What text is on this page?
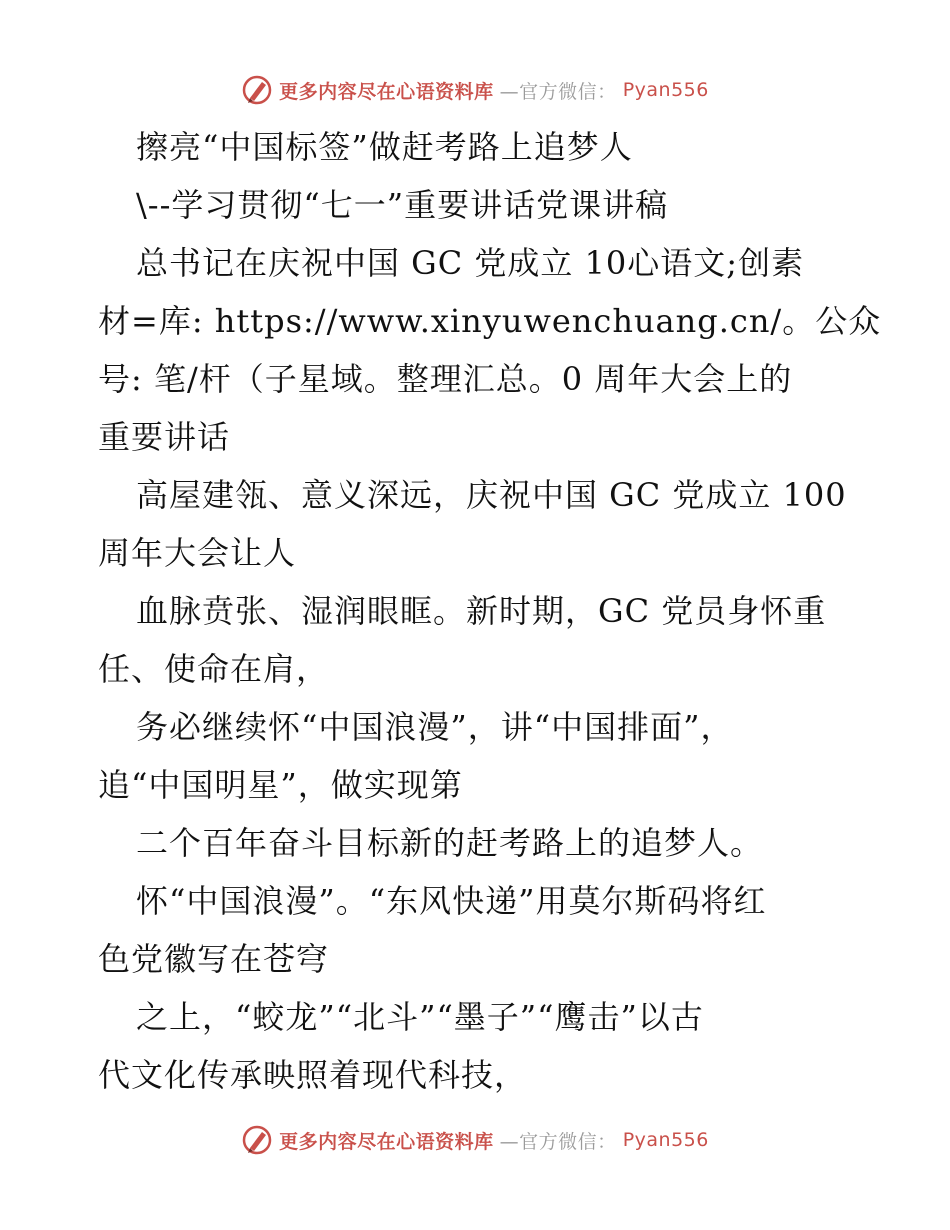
更多内容尽在心语资料库 —官方微信： Pyan556
擦亮“中国标签”做赶考路上追梦人
\--学习贯彻“七一”重要讲话党课讲稿
总书记在庆祝中国 GC 党成立 10心语文;创素
材=库: https://www.xinyuwenchuang.cn/。公众
号: 笔/杆（子星域。整理汇总。0 周年大会上的
重要讲话
高屋建瓴、意义深远，庆祝中国 GC 党成立 100
周年大会让人
血脉贲张、湿润眼眶。新时期，GC 党员身怀重
任、使命在肩，
务必继续怀“中国浪漫”，讲“中国排面”，
追“中国明星”，做实现第
二个百年奋斗目标新的赶考路上的追梦人。
怀“中国浪漫”。“东风快递”用莫尔斯码将红
色党徽写在苍穹
之上，“蛟龙”“北斗”“墨子”“鹰击”以古
代文化传承映照着现代科技，
更多内容尽在心语资料库 —官方微信： Pyan556
